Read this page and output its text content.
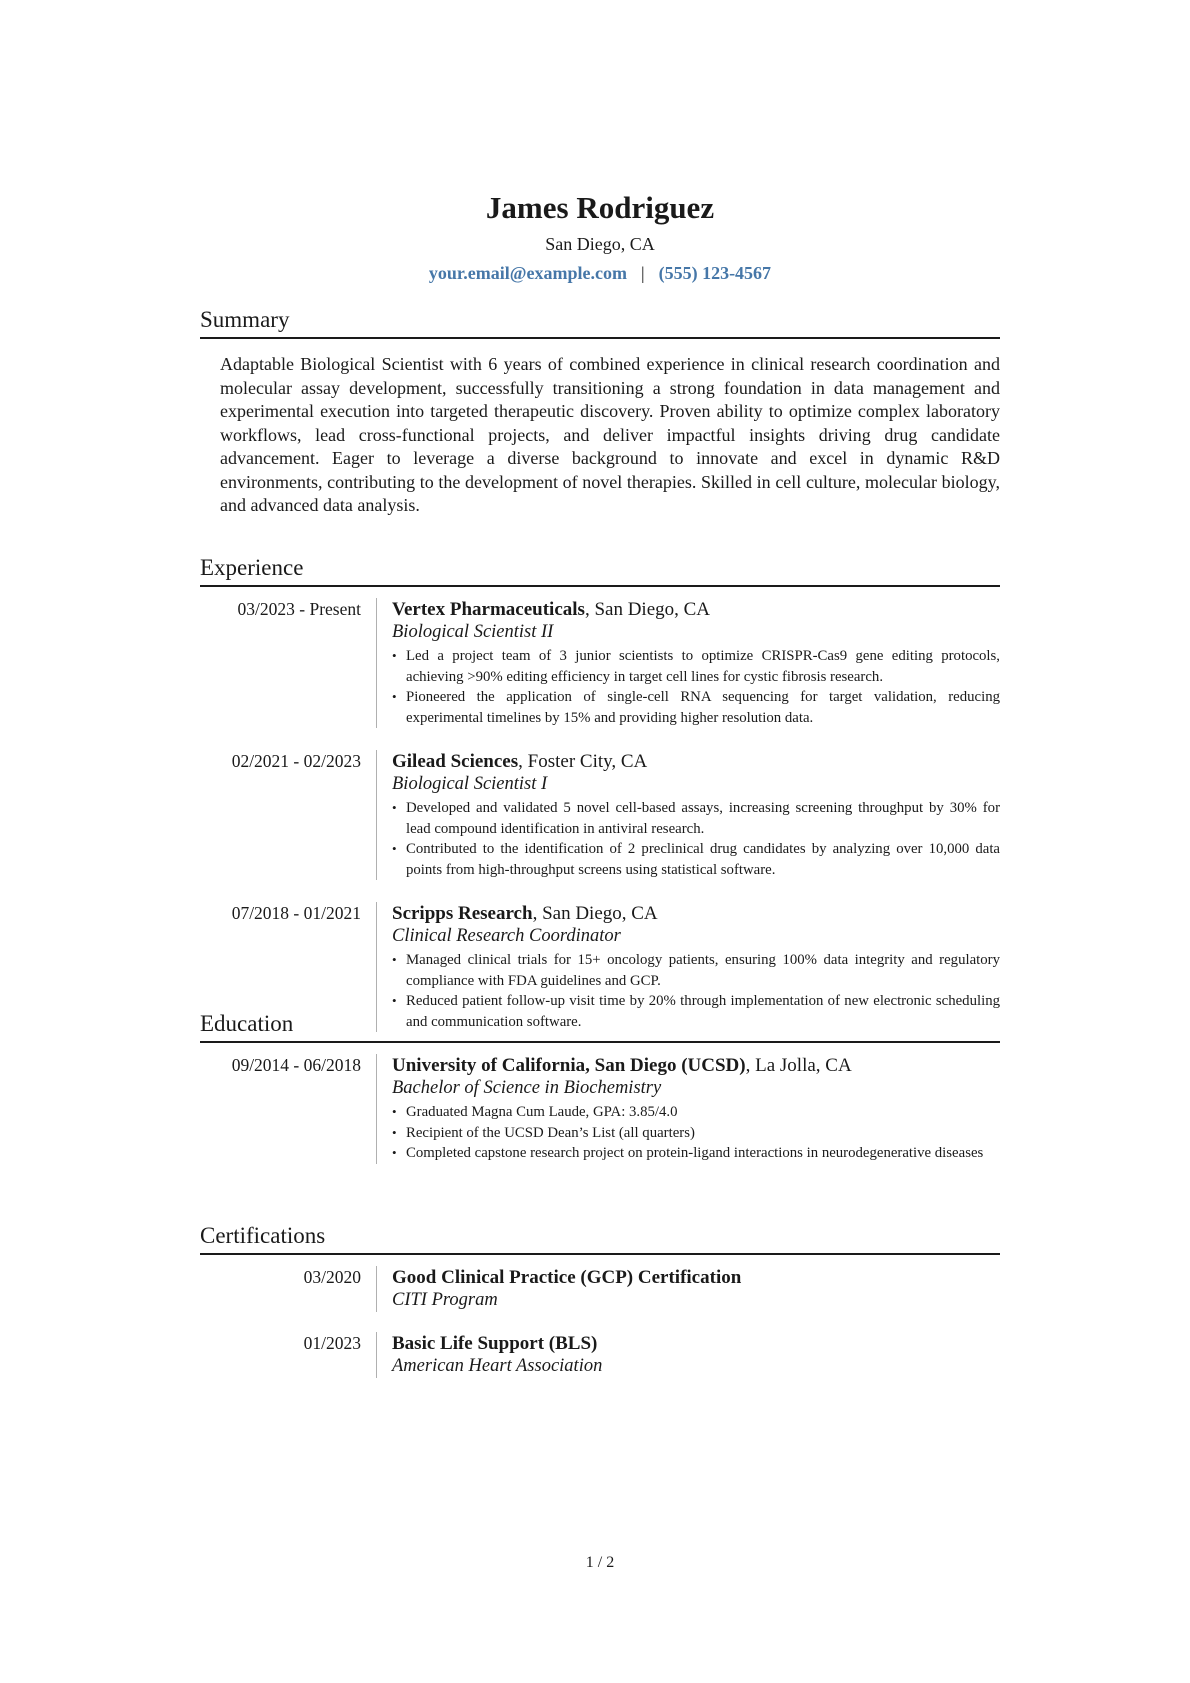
James Rodriguez
San Diego, CA
your.email@example.com | (555) 123-4567
Summary
Adaptable Biological Scientist with 6 years of combined experience in clinical research coordination and molecular assay development, successfully transitioning a strong foundation in data management and experimental execution into targeted therapeutic discovery. Proven ability to optimize complex laboratory workflows, lead cross-functional projects, and deliver impactful insights driving drug candidate advancement. Eager to leverage a diverse background to innovate and excel in dynamic R&D environments, contributing to the development of novel therapies. Skilled in cell culture, molecular biology, and advanced data analysis.
Experience
03/2023 - Present	Vertex Pharmaceuticals, San Diego, CA
Biological Scientist II
• Led a project team of 3 junior scientists to optimize CRISPR-Cas9 gene editing protocols, achieving >90% editing efficiency in target cell lines for cystic fibrosis research.
• Pioneered the application of single-cell RNA sequencing for target validation, reducing experimental timelines by 15% and providing higher resolution data.
02/2021 - 02/2023	Gilead Sciences, Foster City, CA
Biological Scientist I
• Developed and validated 5 novel cell-based assays, increasing screening throughput by 30% for lead compound identification in antiviral research.
• Contributed to the identification of 2 preclinical drug candidates by analyzing over 10,000 data points from high-throughput screens using statistical software.
07/2018 - 01/2021	Scripps Research, San Diego, CA
Clinical Research Coordinator
• Managed clinical trials for 15+ oncology patients, ensuring 100% data integrity and regulatory compliance with FDA guidelines and GCP.
• Reduced patient follow-up visit time by 20% through implementation of new electronic scheduling and communication software.
Education
09/2014 - 06/2018	University of California, San Diego (UCSD), La Jolla, CA
Bachelor of Science in Biochemistry
• Graduated Magna Cum Laude, GPA: 3.85/4.0
• Recipient of the UCSD Dean’s List (all quarters)
• Completed capstone research project on protein-ligand interactions in neurodegenerative diseases
Certifications
03/2020	Good Clinical Practice (GCP) Certification
CITI Program
01/2023	Basic Life Support (BLS)
American Heart Association
1 / 2
